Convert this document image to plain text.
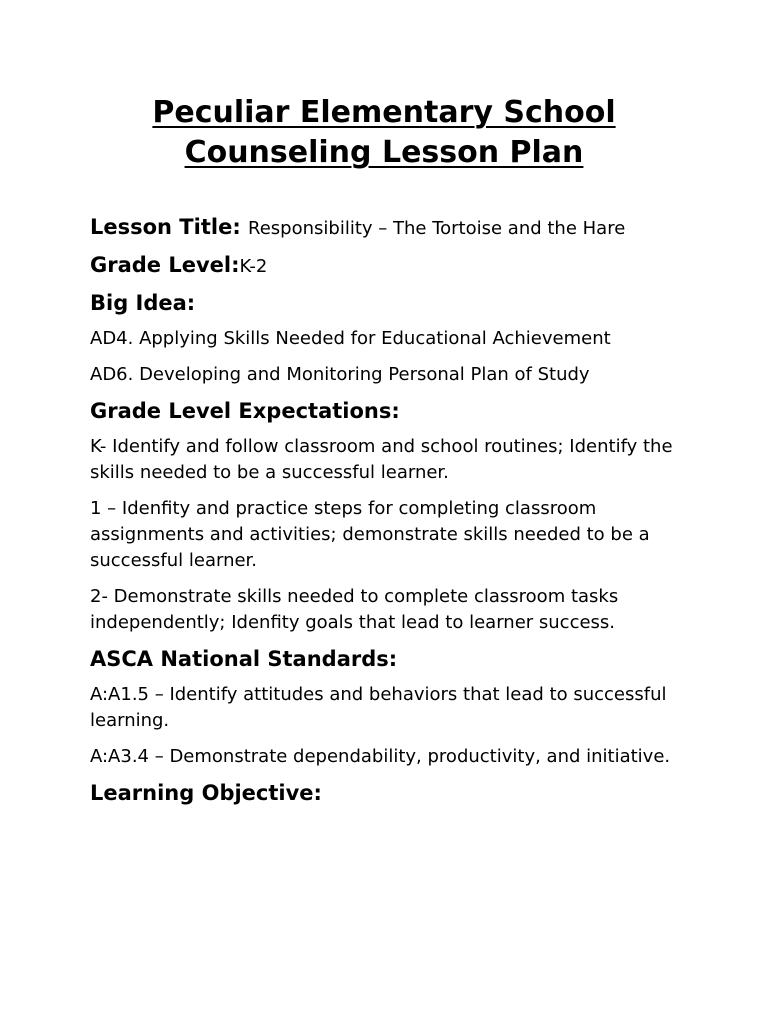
Peculiar Elementary School
Counseling Lesson Plan
Lesson Title: Responsibility – The Tortoise and the Hare
Grade Level:K-2
Big Idea:

AD4. Applying Skills Needed for Educational Achievement

AD6. Developing and Monitoring Personal Plan of Study

Grade Level Expectations:

K- Identify and follow classroom and school routines; Identify the skills needed to be a successful learner.

1 – Idenfity and practice steps for completing classroom assignments and activities; demonstrate skills needed to be a successful learner.

2- Demonstrate skills needed to complete classroom tasks independently; Idenfity goals that lead to learner success.

ASCA National Standards:

A:A1.5 – Identify attitudes and behaviors that lead to successful learning.

A:A3.4 – Demonstrate dependability, productivity, and initiative.

Learning Objective:
